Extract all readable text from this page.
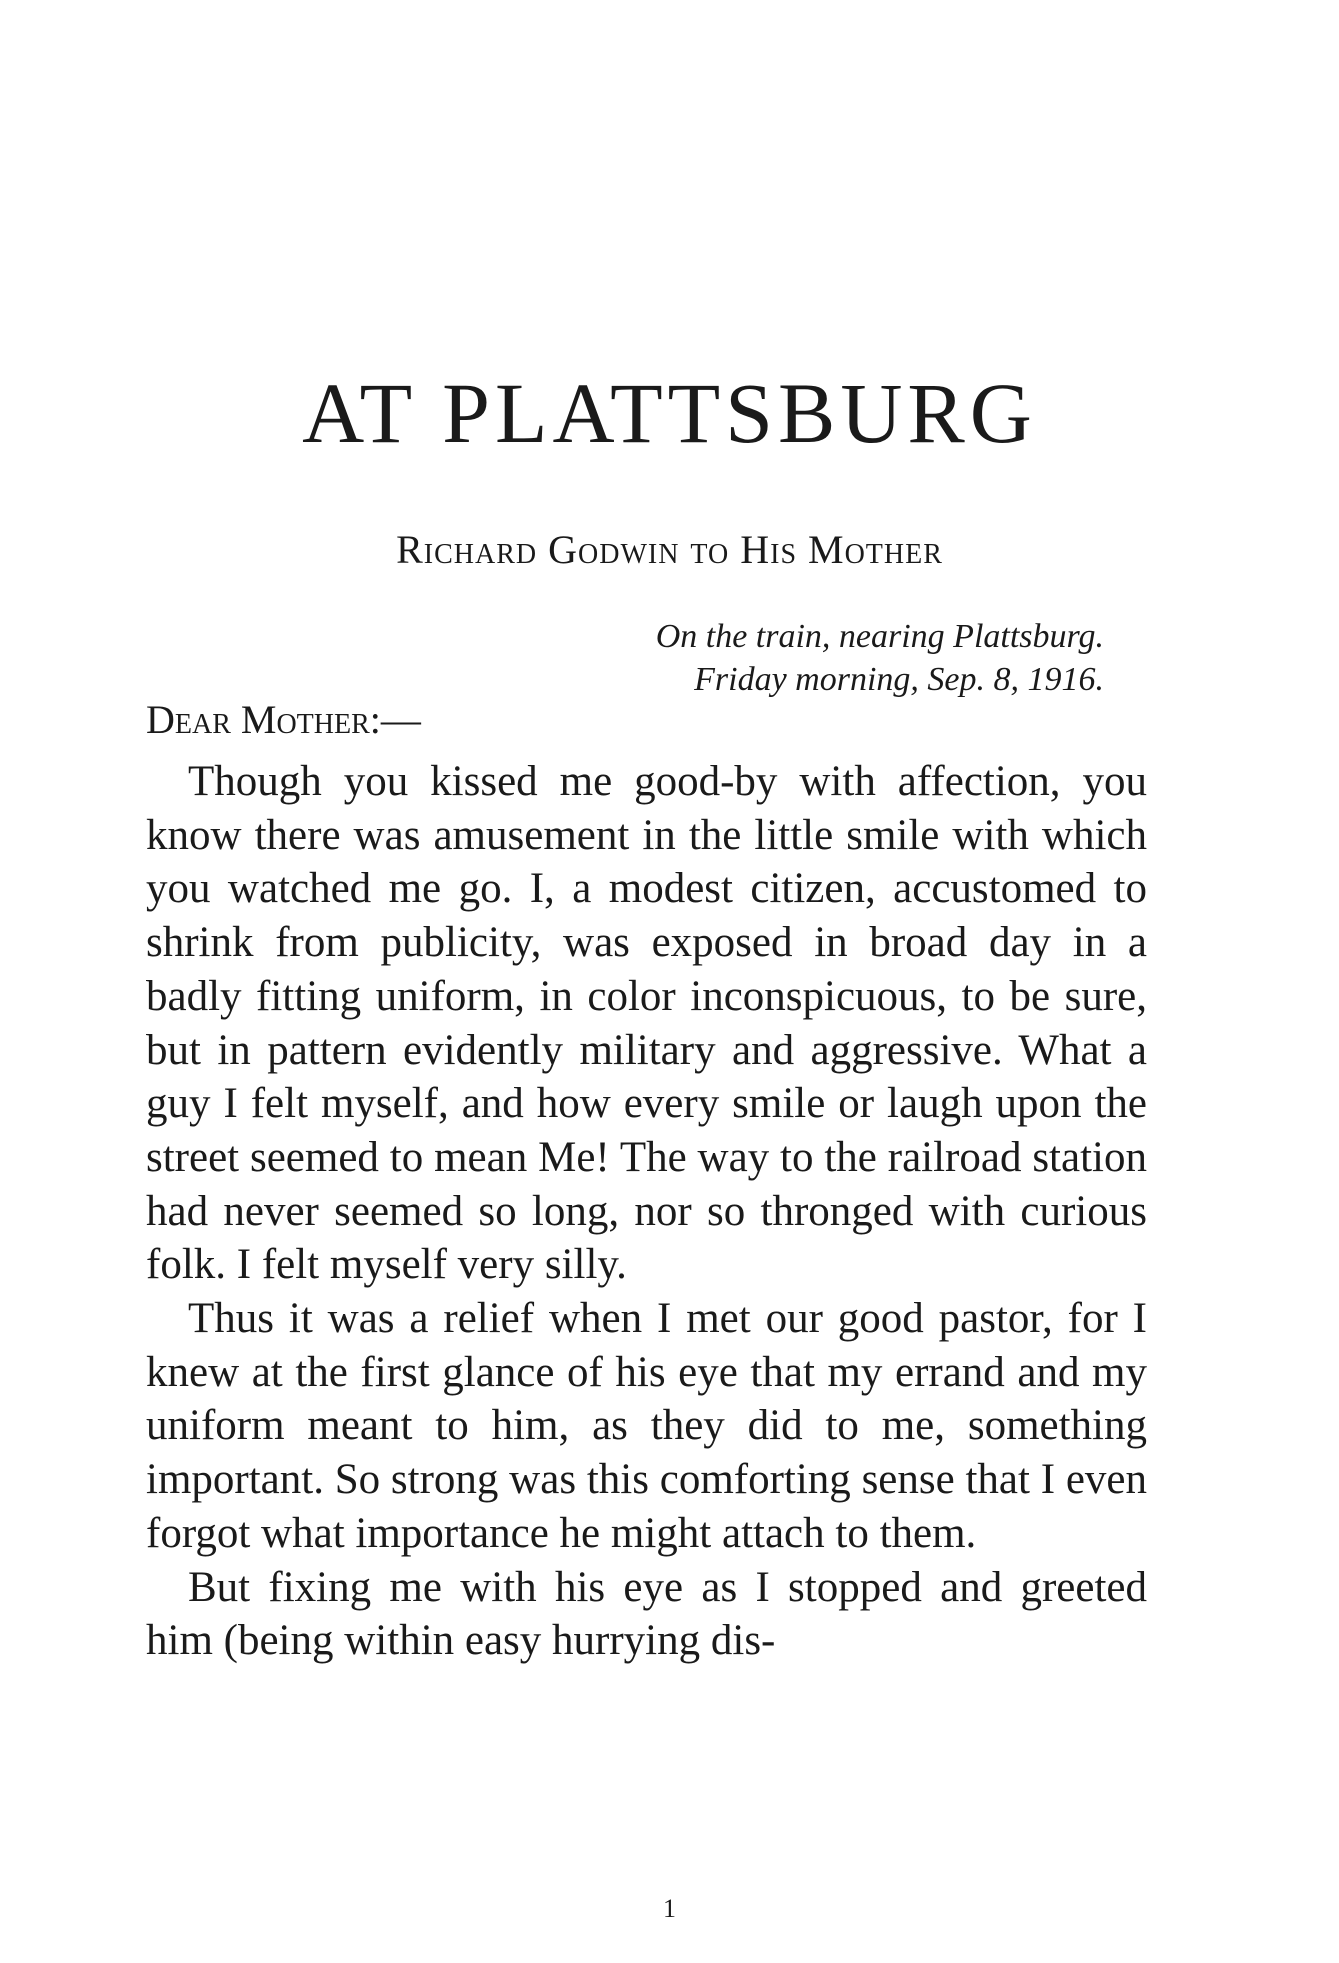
AT PLATTSBURG
Richard Godwin to His Mother
On the train, nearing Plattsburg.
Friday morning, Sep. 8, 1916.
Dear Mother:—

Though you kissed me good-by with affection, you know there was amusement in the little smile with which you watched me go. I, a modest citizen, accustomed to shrink from publicity, was exposed in broad day in a badly fitting uniform, in color inconspicuous, to be sure, but in pattern evidently military and aggressive. What a guy I felt myself, and how every smile or laugh upon the street seemed to mean Me! The way to the railroad station had never seemed so long, nor so thronged with curious folk. I felt myself very silly.

Thus it was a relief when I met our good pastor, for I knew at the first glance of his eye that my errand and my uniform meant to him, as they did to me, something important. So strong was this comforting sense that I even forgot what importance he might attach to them.

But fixing me with his eye as I stopped and greeted him (being within easy hurrying dis-

1
